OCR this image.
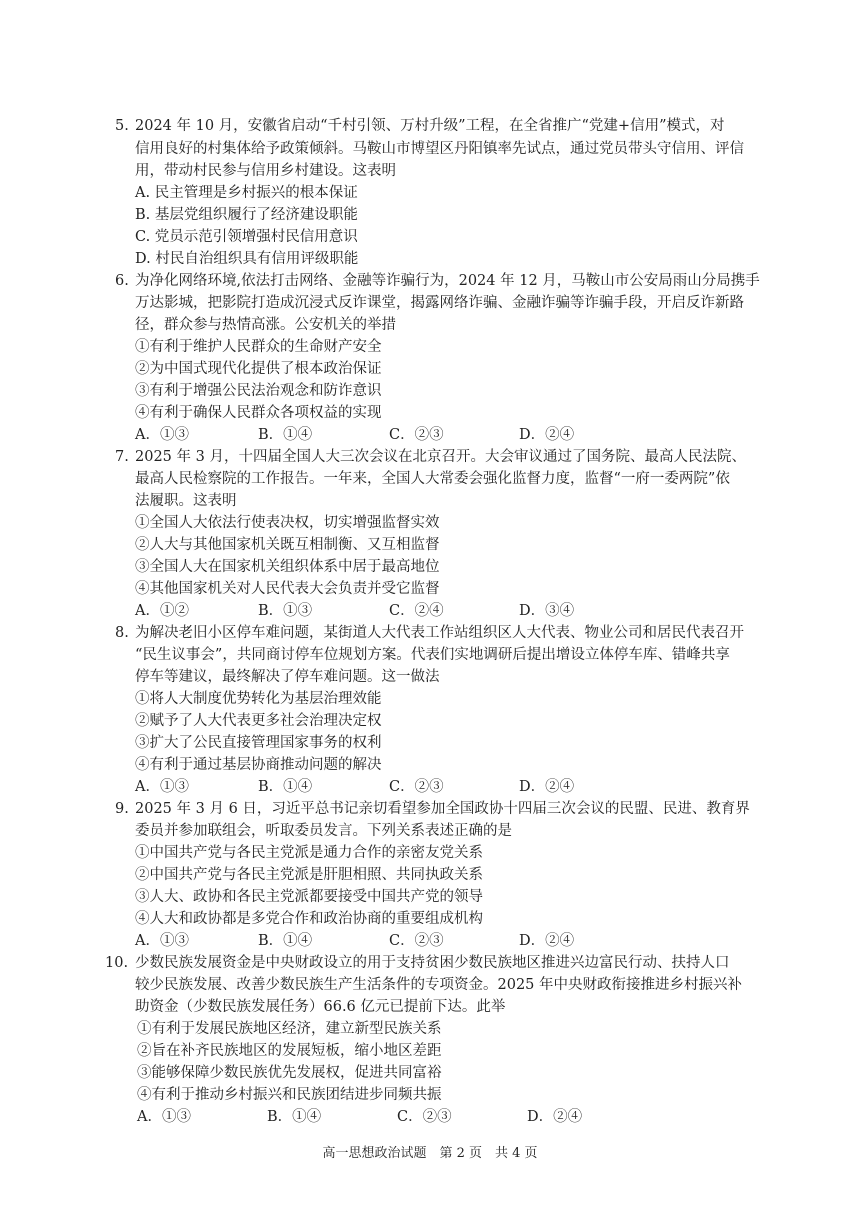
5. 2024 年 10 月，安徽省启动“千村引领、万村升级”工程，在全省推广“党建+信用”模式，对
信用良好的村集体给予政策倾斜。马鞍山市博望区丹阳镇率先试点，通过党员带头守信用、评信
用，带动村民参与信用乡村建设。这表明
A. 民主管理是乡村振兴的根本保证
B. 基层党组织履行了经济建设职能
C. 党员示范引领增强村民信用意识
D. 村民自治组织具有信用评级职能
6. 为净化网络环境,依法打击网络、金融等诈骗行为，2024 年 12 月，马鞍山市公安局雨山分局携手
万达影城，把影院打造成沉浸式反诈课堂，揭露网络诈骗、金融诈骗等诈骗手段，开启反诈新路
径，群众参与热情高涨。公安机关的举措
①有利于维护人民群众的生命财产安全
②为中国式现代化提供了根本政治保证
③有利于增强公民法治观念和防诈意识
④有利于确保人民群众各项权益的实现
A．①③	B．①④	C．②③	D．②④
7. 2025 年 3 月，十四届全国人大三次会议在北京召开。大会审议通过了国务院、最高人民法院、
最高人民检察院的工作报告。一年来，全国人大常委会强化监督力度，监督“一府一委两院”依
法履职。这表明
①全国人大依法行使表决权，切实增强监督实效
②人大与其他国家机关既互相制衡、又互相监督
③全国人大在国家机关组织体系中居于最高地位
④其他国家机关对人民代表大会负责并受它监督
A．①②	B．①③	C．②④	D．③④
8. 为解决老旧小区停车难问题，某街道人大代表工作站组织区人大代表、物业公司和居民代表召开
“民生议事会”，共同商讨停车位规划方案。代表们实地调研后提出增设立体停车库、错峰共享
停车等建议，最终解决了停车难问题。这一做法
①将人大制度优势转化为基层治理效能
②赋予了人大代表更多社会治理决定权
③扩大了公民直接管理国家事务的权利
④有利于通过基层协商推动问题的解决
A．①③	B．①④	C．②③	D．②④
9. 2025 年 3 月 6 日，习近平总书记亲切看望参加全国政协十四届三次会议的民盟、民进、教育界
委员并参加联组会，听取委员发言。下列关系表述正确的是
①中国共产党与各民主党派是通力合作的亲密友党关系
②中国共产党与各民主党派是肝胆相照、共同执政关系
③人大、政协和各民主党派都要接受中国共产党的领导
④人大和政协都是多党合作和政治协商的重要组成机构
A．①③	B．①④	C．②③	D．②④
10. 少数民族发展资金是中央财政设立的用于支持贫困少数民族地区推进兴边富民行动、扶持人口
较少民族发展、改善少数民族生产生活条件的专项资金。2025 年中央财政衔接推进乡村振兴补
助资金（少数民族发展任务）66.6 亿元已提前下达。此举
①有利于发展民族地区经济，建立新型民族关系
②旨在补齐民族地区的发展短板，缩小地区差距
③能够保障少数民族优先发展权，促进共同富裕
④有利于推动乡村振兴和民族团结进步同频共振
A．①③	B．①④	C．②③	D．②④
高一思想政治试题　第 2 页　共 4 页
